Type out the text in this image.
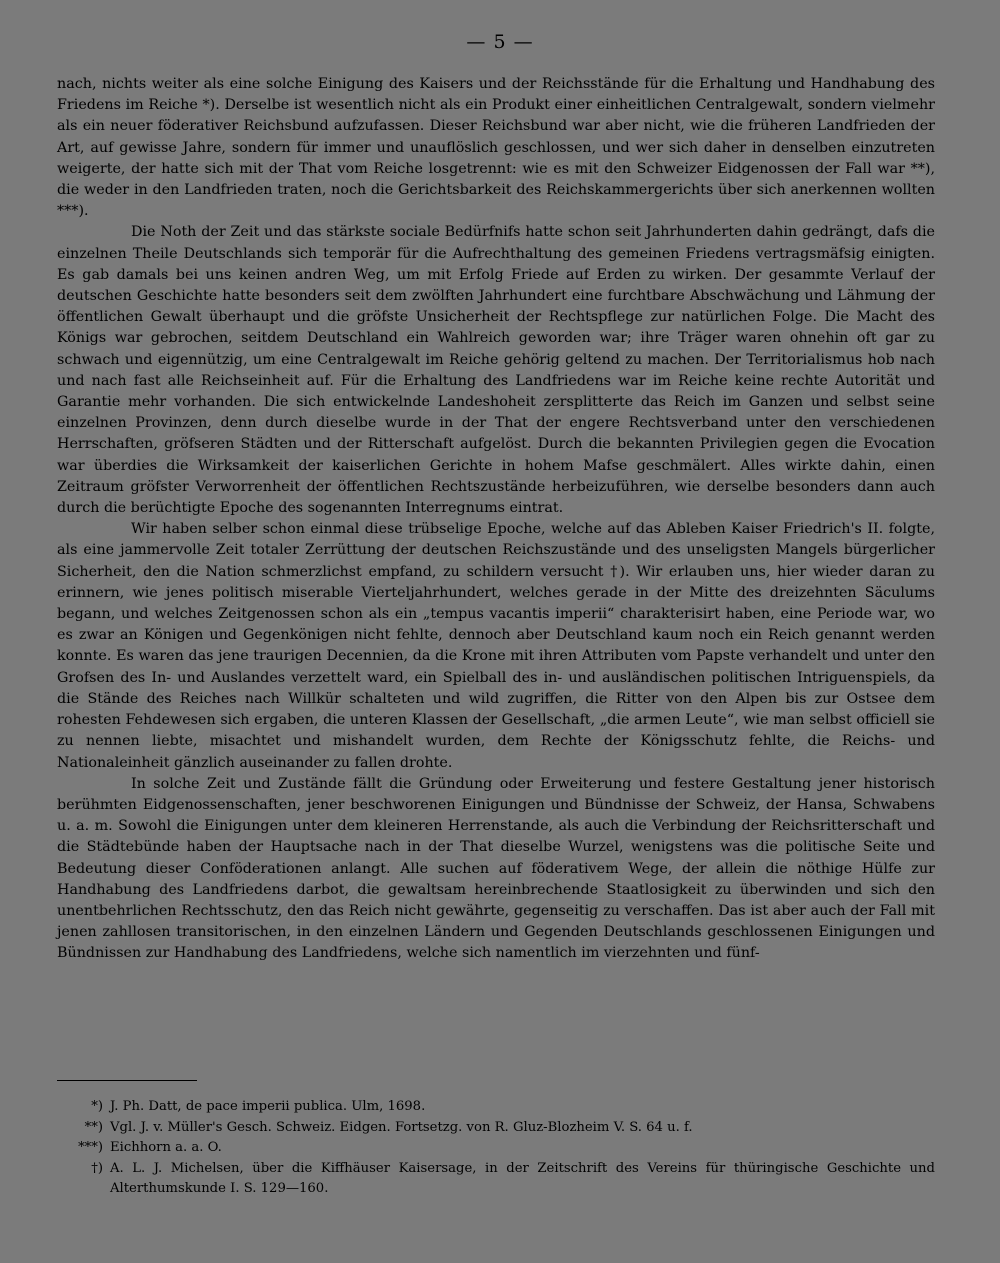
— 5 —

nach, nichts weiter als eine solche Einigung des Kaisers und der Reichsstände für die Erhaltung und Handhabung des Friedens im Reiche *). Derselbe ist wesentlich nicht als ein Produkt einer einheitlichen Centralgewalt, sondern vielmehr als ein neuer föderativer Reichsbund aufzufassen. Dieser Reichsbund war aber nicht, wie die früheren Landfrieden der Art, auf gewisse Jahre, sondern für immer und unauflöslich geschlossen, und wer sich daher in denselben einzutreten weigerte, der hatte sich mit der That vom Reiche losgetrennt: wie es mit den Schweizer Eidgenossen der Fall war **), die weder in den Landfrieden traten, noch die Gerichtsbarkeit des Reichskammergerichts über sich anerkennen wollten ***).

Die Noth der Zeit und das stärkste sociale Bedürfnifs hatte schon seit Jahrhunderten dahin gedrängt, dafs die einzelnen Theile Deutschlands sich temporär für die Aufrechthaltung des gemeinen Friedens vertragsmäfsig einigten. Es gab damals bei uns keinen andren Weg, um mit Erfolg Friede auf Erden zu wirken. Der gesammte Verlauf der deutschen Geschichte hatte besonders seit dem zwölften Jahrhundert eine furchtbare Abschwächung und Lähmung der öffentlichen Gewalt überhaupt und die gröfste Unsicherheit der Rechtspflege zur natürlichen Folge. Die Macht des Königs war gebrochen, seitdem Deutschland ein Wahlreich geworden war; ihre Träger waren ohnehin oft gar zu schwach und eigennützig, um eine Centralgewalt im Reiche gehörig geltend zu machen. Der Territorialismus hob nach und nach fast alle Reichseinheit auf. Für die Erhaltung des Landfriedens war im Reiche keine rechte Autorität und Garantie mehr vorhanden. Die sich entwickelnde Landeshoheit zersplitterte das Reich im Ganzen und selbst seine einzelnen Provinzen, denn durch dieselbe wurde in der That der engere Rechtsverband unter den verschiedenen Herrschaften, gröfseren Städten und der Ritterschaft aufgelöst. Durch die bekannten Privilegien gegen die Evocation war überdies die Wirksamkeit der kaiserlichen Gerichte in hohem Mafse geschmälert. Alles wirkte dahin, einen Zeitraum gröfster Verworrenheit der öffentlichen Rechtszustände herbeizuführen, wie derselbe besonders dann auch durch die berüchtigte Epoche des sogenannten Interregnums eintrat.

Wir haben selber schon einmal diese trübselige Epoche, welche auf das Ableben Kaiser Friedrich's II. folgte, als eine jammervolle Zeit totaler Zerrüttung der deutschen Reichszustände und des unseligsten Mangels bürgerlicher Sicherheit, den die Nation schmerzlichst empfand, zu schildern versucht †). Wir erlauben uns, hier wieder daran zu erinnern, wie jenes politisch miserable Vierteljahrhundert, welches gerade in der Mitte des dreizehnten Säculums begann, und welches Zeitgenossen schon als ein „tempus vacantis imperii“ charakterisirt haben, eine Periode war, wo es zwar an Königen und Gegenkönigen nicht fehlte, dennoch aber Deutschland kaum noch ein Reich genannt werden konnte. Es waren das jene traurigen Decennien, da die Krone mit ihren Attributen vom Papste verhandelt und unter den Grofsen des In- und Auslandes verzettelt ward, ein Spielball des in- und ausländischen politischen Intriguenspiels, da die Stände des Reiches nach Willkür schalteten und wild zugriffen, die Ritter von den Alpen bis zur Ostsee dem rohesten Fehdewesen sich ergaben, die unteren Klassen der Gesellschaft, „die armen Leute“, wie man selbst officiell sie zu nennen liebte, misachtet und mishandelt wurden, dem Rechte der Königsschutz fehlte, die Reichs- und Nationaleinheit gänzlich auseinander zu fallen drohte.

In solche Zeit und Zustände fällt die Gründung oder Erweiterung und festere Gestaltung jener historisch berühmten Eidgenossenschaften, jener beschworenen Einigungen und Bündnisse der Schweiz, der Hansa, Schwabens u. a. m. Sowohl die Einigungen unter dem kleineren Herrenstande, als auch die Verbindung der Reichsritterschaft und die Städtebünde haben der Hauptsache nach in der That dieselbe Wurzel, wenigstens was die politische Seite und Bedeutung dieser Conföderationen anlangt. Alle suchen auf föderativem Wege, der allein die nöthige Hülfe zur Handhabung des Landfriedens darbot, die gewaltsam hereinbrechende Staatlosigkeit zu überwinden und sich den unentbehrlichen Rechtsschutz, den das Reich nicht gewährte, gegenseitig zu verschaffen. Das ist aber auch der Fall mit jenen zahllosen transitorischen, in den einzelnen Ländern und Gegenden Deutschlands geschlossenen Einigungen und Bündnissen zur Handhabung des Landfriedens, welche sich namentlich im vierzehnten und fünf-

*) J. Ph. Datt, de pace imperii publica. Ulm, 1698.
**) Vgl. J. v. Müller's Gesch. Schweiz. Eidgen. Fortsetzg. von R. Gluz-Blozheim V. S. 64 u. f.
***) Eichhorn a. a. O.
†) A. L. J. Michelsen, über die Kiffhäuser Kaisersage, in der Zeitschrift des Vereins für thüringische Geschichte und Alterthumskunde I. S. 129—160.
